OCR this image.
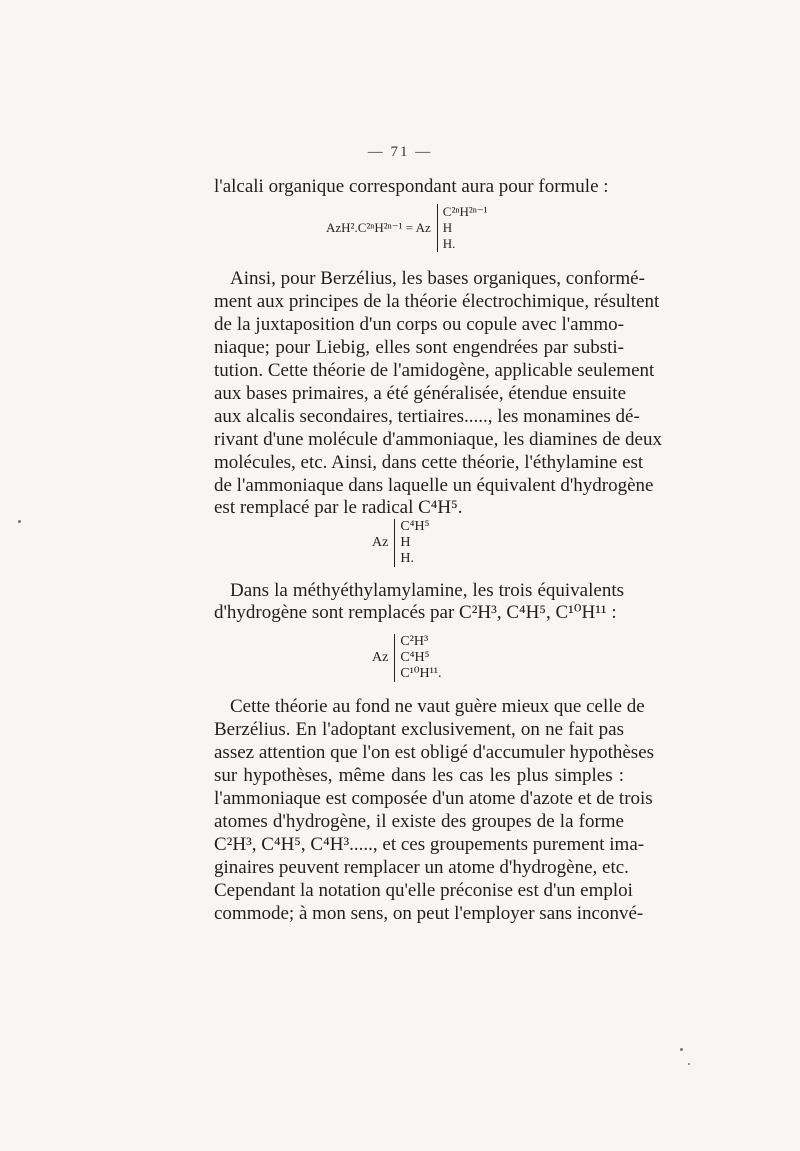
— 71 —
l'alcali organique correspondant aura pour formule :
AzH².C²ⁿH²ⁿ⁻¹ = Az
C²ⁿH²ⁿ⁻¹
H
H.
Ainsi, pour Berzélius, les bases organiques, conformé-
ment aux principes de la théorie électrochimique, résultent
de la juxtaposition d'un corps ou copule avec l'ammo-
niaque; pour Liebig, elles sont engendrées par substi-
tution. Cette théorie de l'amidogène, applicable seulement
aux bases primaires, a été généralisée, étendue ensuite
aux alcalis secondaires, tertiaires....., les monamines dé-
rivant d'une molécule d'ammoniaque, les diamines de deux
molécules, etc. Ainsi, dans cette théorie, l'éthylamine est
de l'ammoniaque dans laquelle un équivalent d'hydrogène
est remplacé par le radical C⁴H⁵.
Az
C⁴H⁵
H
H.
Dans la méthyéthylamylamine, les trois équivalents
d'hydrogène sont remplacés par C²H³, C⁴H⁵, C¹⁰H¹¹ :
Az
C²H³
C⁴H⁵
C¹⁰H¹¹.
Cette théorie au fond ne vaut guère mieux que celle de
Berzélius. En l'adoptant exclusivement, on ne fait pas
assez attention que l'on est obligé d'accumuler hypothèses
sur hypothèses, même dans les cas les plus simples :
l'ammoniaque est composée d'un atome d'azote et de trois
atomes d'hydrogène, il existe des groupes de la forme
C²H³, C⁴H⁵, C⁴H³....., et ces groupements purement ima-
ginaires peuvent remplacer un atome d'hydrogène, etc.
Cependant la notation qu'elle préconise est d'un emploi
commode; à mon sens, on peut l'employer sans inconvé-
